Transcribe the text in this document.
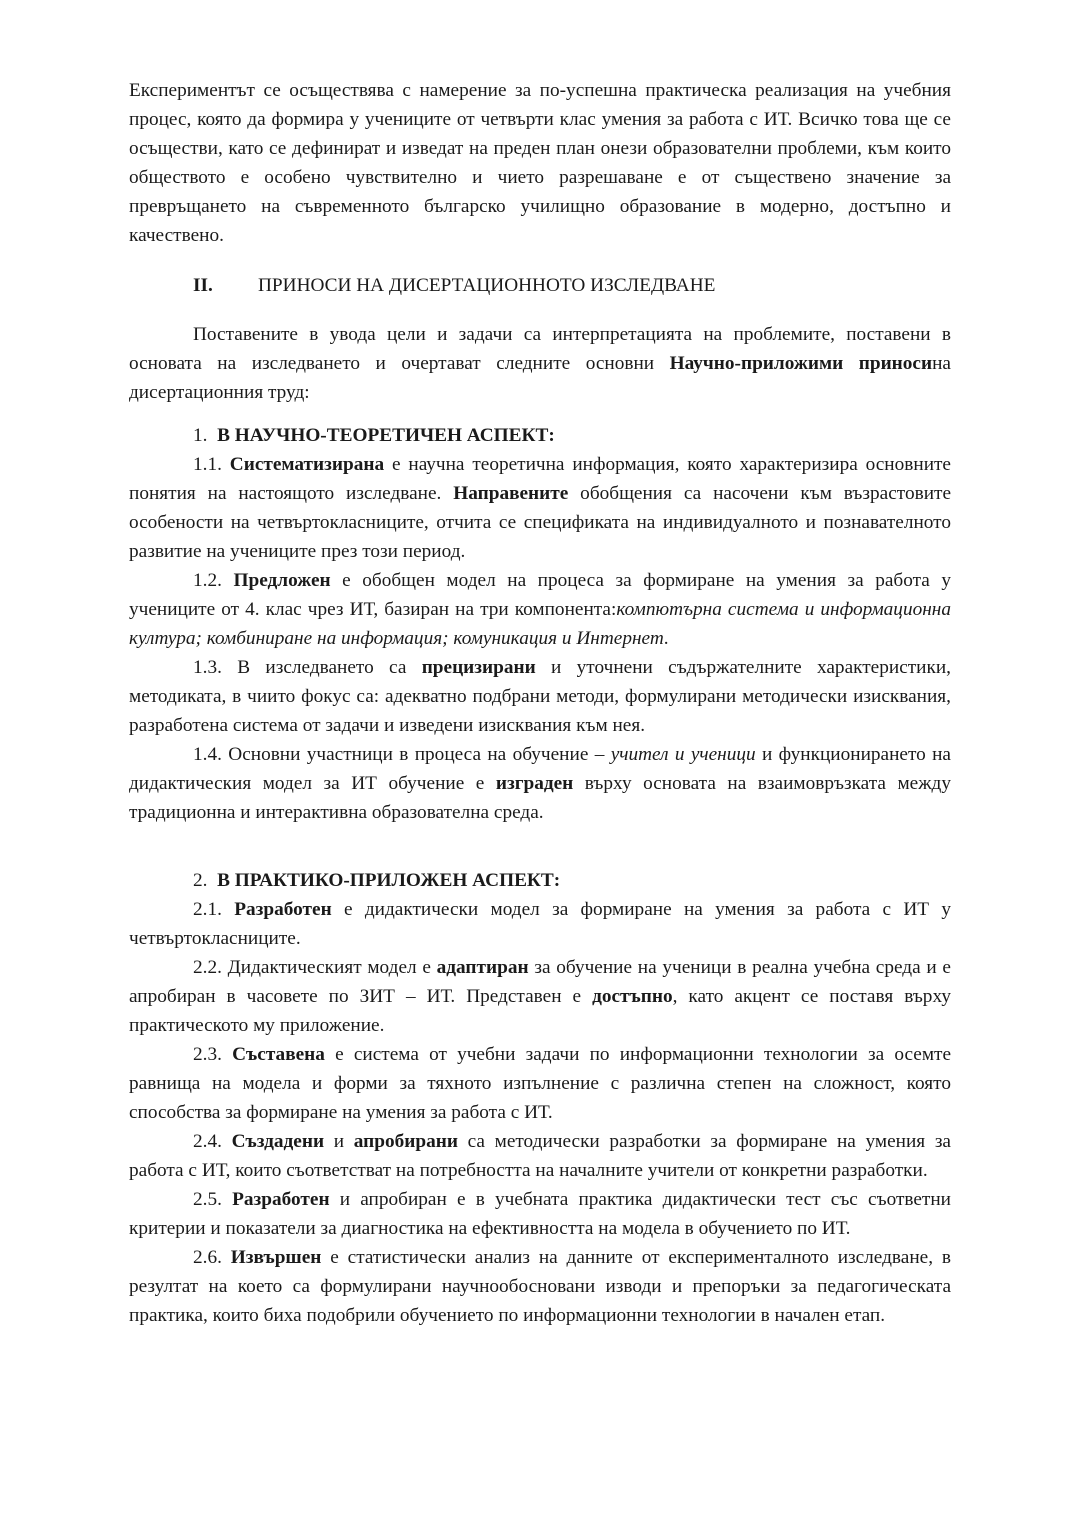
Експериментът се осъществява с намерение за по-успешна практическа реализация на учебния процес, която да формира у учениците от четвърти клас умения за работа с ИТ. Всичко това ще се осъществи, като се дефинират и изведат на преден план онези образователни проблеми, към които обществото е особено чувствително и чието разрешаване е от съществено значение за превръщането на съвременното българско училищно образование в модерно, достъпно и качествено.

II. ПРИНОСИ НА ДИСЕРТАЦИОННОТО ИЗСЛЕДВАНЕ

Поставените в увода цели и задачи са интерпретацията на проблемите, поставени в основата на изследването и очертават следните основни Научно-приложими приносина дисертационния труд:

1. В НАУЧНО-ТЕОРЕТИЧЕН АСПЕКТ:

1.1. Систематизирана е научна теоретична информация, която характеризира основните понятия на настоящото изследване. Направените обобщения са насочени към възрастовите особености на четвъртокласниците, отчита се спецификата на индивидуалното и познавателното развитие на учениците през този период.

1.2. Предложен е обобщен модел на процеса за формиране на умения за работа у учениците от 4. клас чрез ИТ, базиран на три компонента:компютърна система и информационна култура; комбиниране на информация; комуникация и Интернет.

1.3. В изследването са прецизирани и уточнени съдържателните характеристики, методиката, в чиито фокус са: адекватно подбрани методи, формулирани методически изисквания, разработена система от задачи и изведени изисквания към нея.

1.4. Основни участници в процеса на обучение – учител и ученици и функционирането на дидактическия модел за ИТ обучение е изграден върху основата на взаимовръзката между традиционна и интерактивна образователна среда.

2. В ПРАКТИКО-ПРИЛОЖЕН АСПЕКТ:

2.1. Разработен е дидактически модел за формиране на умения за работа с ИТ у четвъртокласниците.

2.2. Дидактическият модел е адаптиран за обучение на ученици в реална учебна среда и е апробиран в часовете по ЗИТ – ИТ. Представен е достъпно, като акцент се поставя върху практическото му приложение.

2.3. Съставена е система от учебни задачи по информационни технологии за осемте равнища на модела и форми за тяхното изпълнение с различна степен на сложност, която способства за формиране на умения за работа с ИТ.

2.4. Създадени и апробирани са методически разработки за формиране на умения за работа с ИТ, които съответстват на потребността на началните учители от конкретни разработки.

2.5. Разработен и апробиран е в учебната практика дидактически тест със съответни критерии и показатели за диагностика на ефективността на модела в обучението по ИТ.

2.6. Извършен е статистически анализ на данните от експерименталното изследване, в резултат на което са формулирани научнообосновани изводи и препоръки за педагогическата практика, които биха подобрили обучението по информационни технологии в начален етап.
